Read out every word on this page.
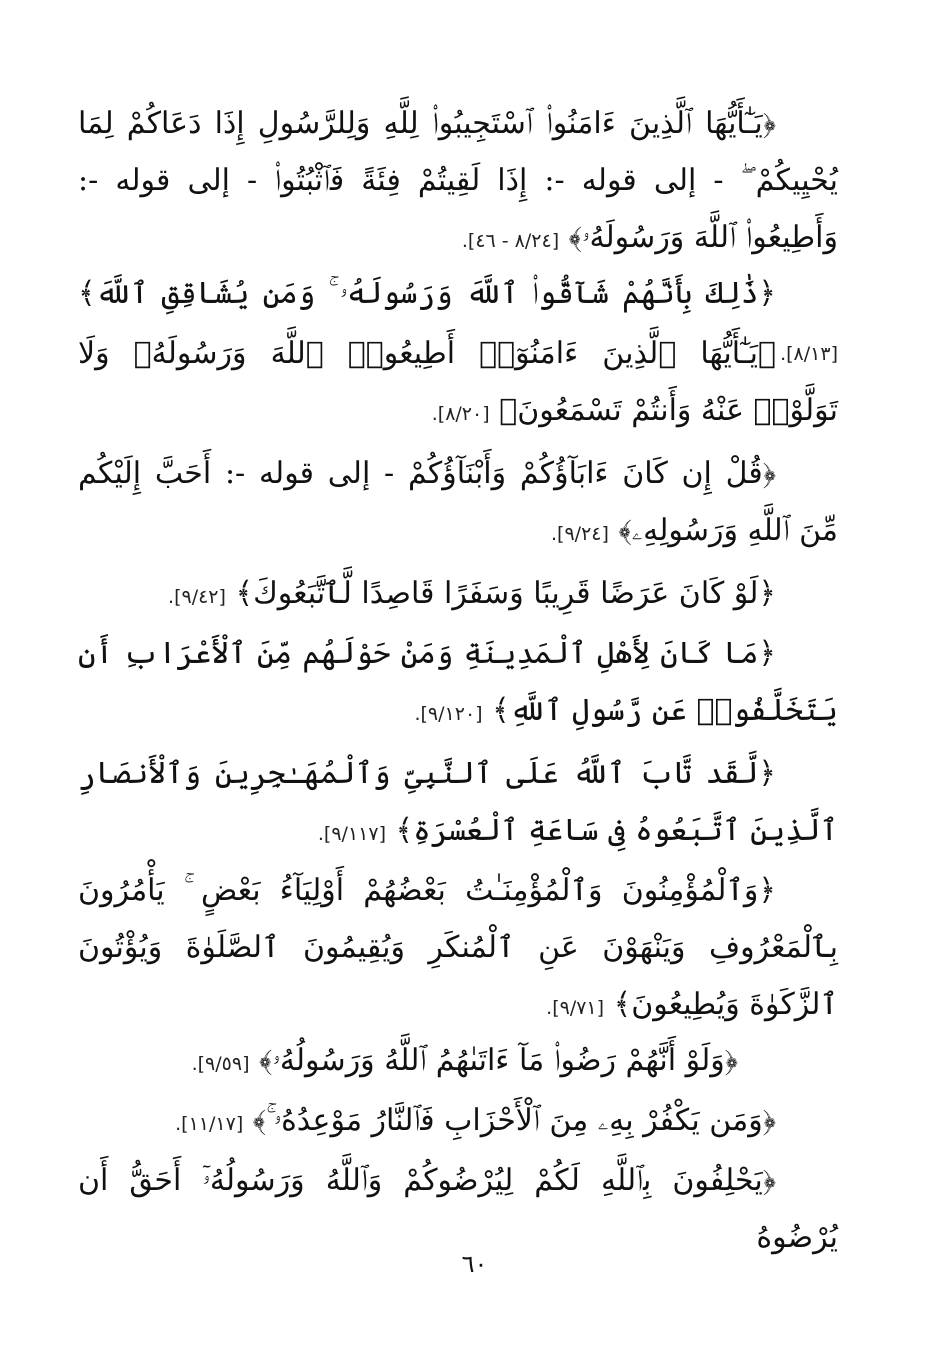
﴿يَـٰٓأَيُّهَا ٱلَّذِينَ ءَامَنُوا۟ ٱسْتَجِيبُوا۟ لِلَّهِ وَلِلرَّسُولِ إِذَا دَعَاكُمْ لِمَا يُحْيِيكُمْ ۖ - إلى قوله -: إِذَا لَقِيتُمْ فِئَةً فَٱثْبُتُوا۟ - إلى قوله -: وَأَطِيعُوا۟ ٱللَّهَ وَرَسُولَهُۥ﴾ [٨/٢٤ - ٤٦].

﴿ذَٰلِكَ بِأَنَّهُمْ شَآقُّوا۟ ٱللَّهَ وَرَسُولَهُۥ ۚ وَمَن يُشَاقِقِ ٱللَّهَ﴾ [٨/١٣].

﴿يَـٰٓأَيُّهَا ٱلَّذِينَ ءَامَنُوٓا۟ أَطِيعُوا۟ ٱللَّهَ وَرَسُولَهُۥ وَلَا تَوَلَّوْا۟ عَنْهُ وَأَنتُمْ تَسْمَعُونَ﴾ [٨/٢٠].

﴿قُلْ إِن كَانَ ءَابَآؤُكُمْ وَأَبْنَآؤُكُمْ - إلى قوله -: أَحَبَّ إِلَيْكُم مِّنَ ٱللَّهِ وَرَسُولِهِۦ﴾ [٩/٢٤].

﴿لَوْ كَانَ عَرَضًا قَرِيبًا وَسَفَرًا قَاصِدًا لَّٱتَّبَعُوكَ﴾ [٩/٤٢].

﴿مَا كَانَ لِأَهْلِ ٱلْمَدِينَةِ وَمَنْ حَوْلَهُم مِّنَ ٱلْأَعْرَابِ أَن يَتَخَلَّفُوا۟ عَن رَّسُولِ ٱللَّهِ﴾ [٩/١٢٠].

﴿لَّقَد تَّابَ ٱللَّهُ عَلَى ٱلنَّبِىِّ وَٱلْمُهَـٰجِرِينَ وَٱلْأَنصَارِ ٱلَّذِينَ ٱتَّبَعُوهُ فِى سَاعَةِ ٱلْعُسْرَةِ﴾ [٩/١١٧].

﴿وَٱلْمُؤْمِنُونَ وَٱلْمُؤْمِنَـٰتُ بَعْضُهُمْ أَوْلِيَآءُ بَعْضٍ ۚ يَأْمُرُونَ بِٱلْمَعْرُوفِ وَيَنْهَوْنَ عَنِ ٱلْمُنكَرِ وَيُقِيمُونَ ٱلصَّلَوٰةَ وَيُؤْتُونَ ٱلزَّكَوٰةَ وَيُطِيعُونَ﴾ [٩/٧١].

﴿وَلَوْ أَنَّهُمْ رَضُوا۟ مَآ ءَاتَىٰهُمُ ٱللَّهُ وَرَسُولُهُۥ﴾ [٩/٥٩].

﴿وَمَن يَكْفُرْ بِهِۦ مِنَ ٱلْأَحْزَابِ فَٱلنَّارُ مَوْعِدُهُۥ ۚ﴾ [١١/١٧].

﴿يَحْلِفُونَ بِٱللَّهِ لَكُمْ لِيُرْضُوكُمْ وَٱللَّهُ وَرَسُولُهُۥٓ أَحَقُّ أَن يُرْضُوهُ

٦٠
